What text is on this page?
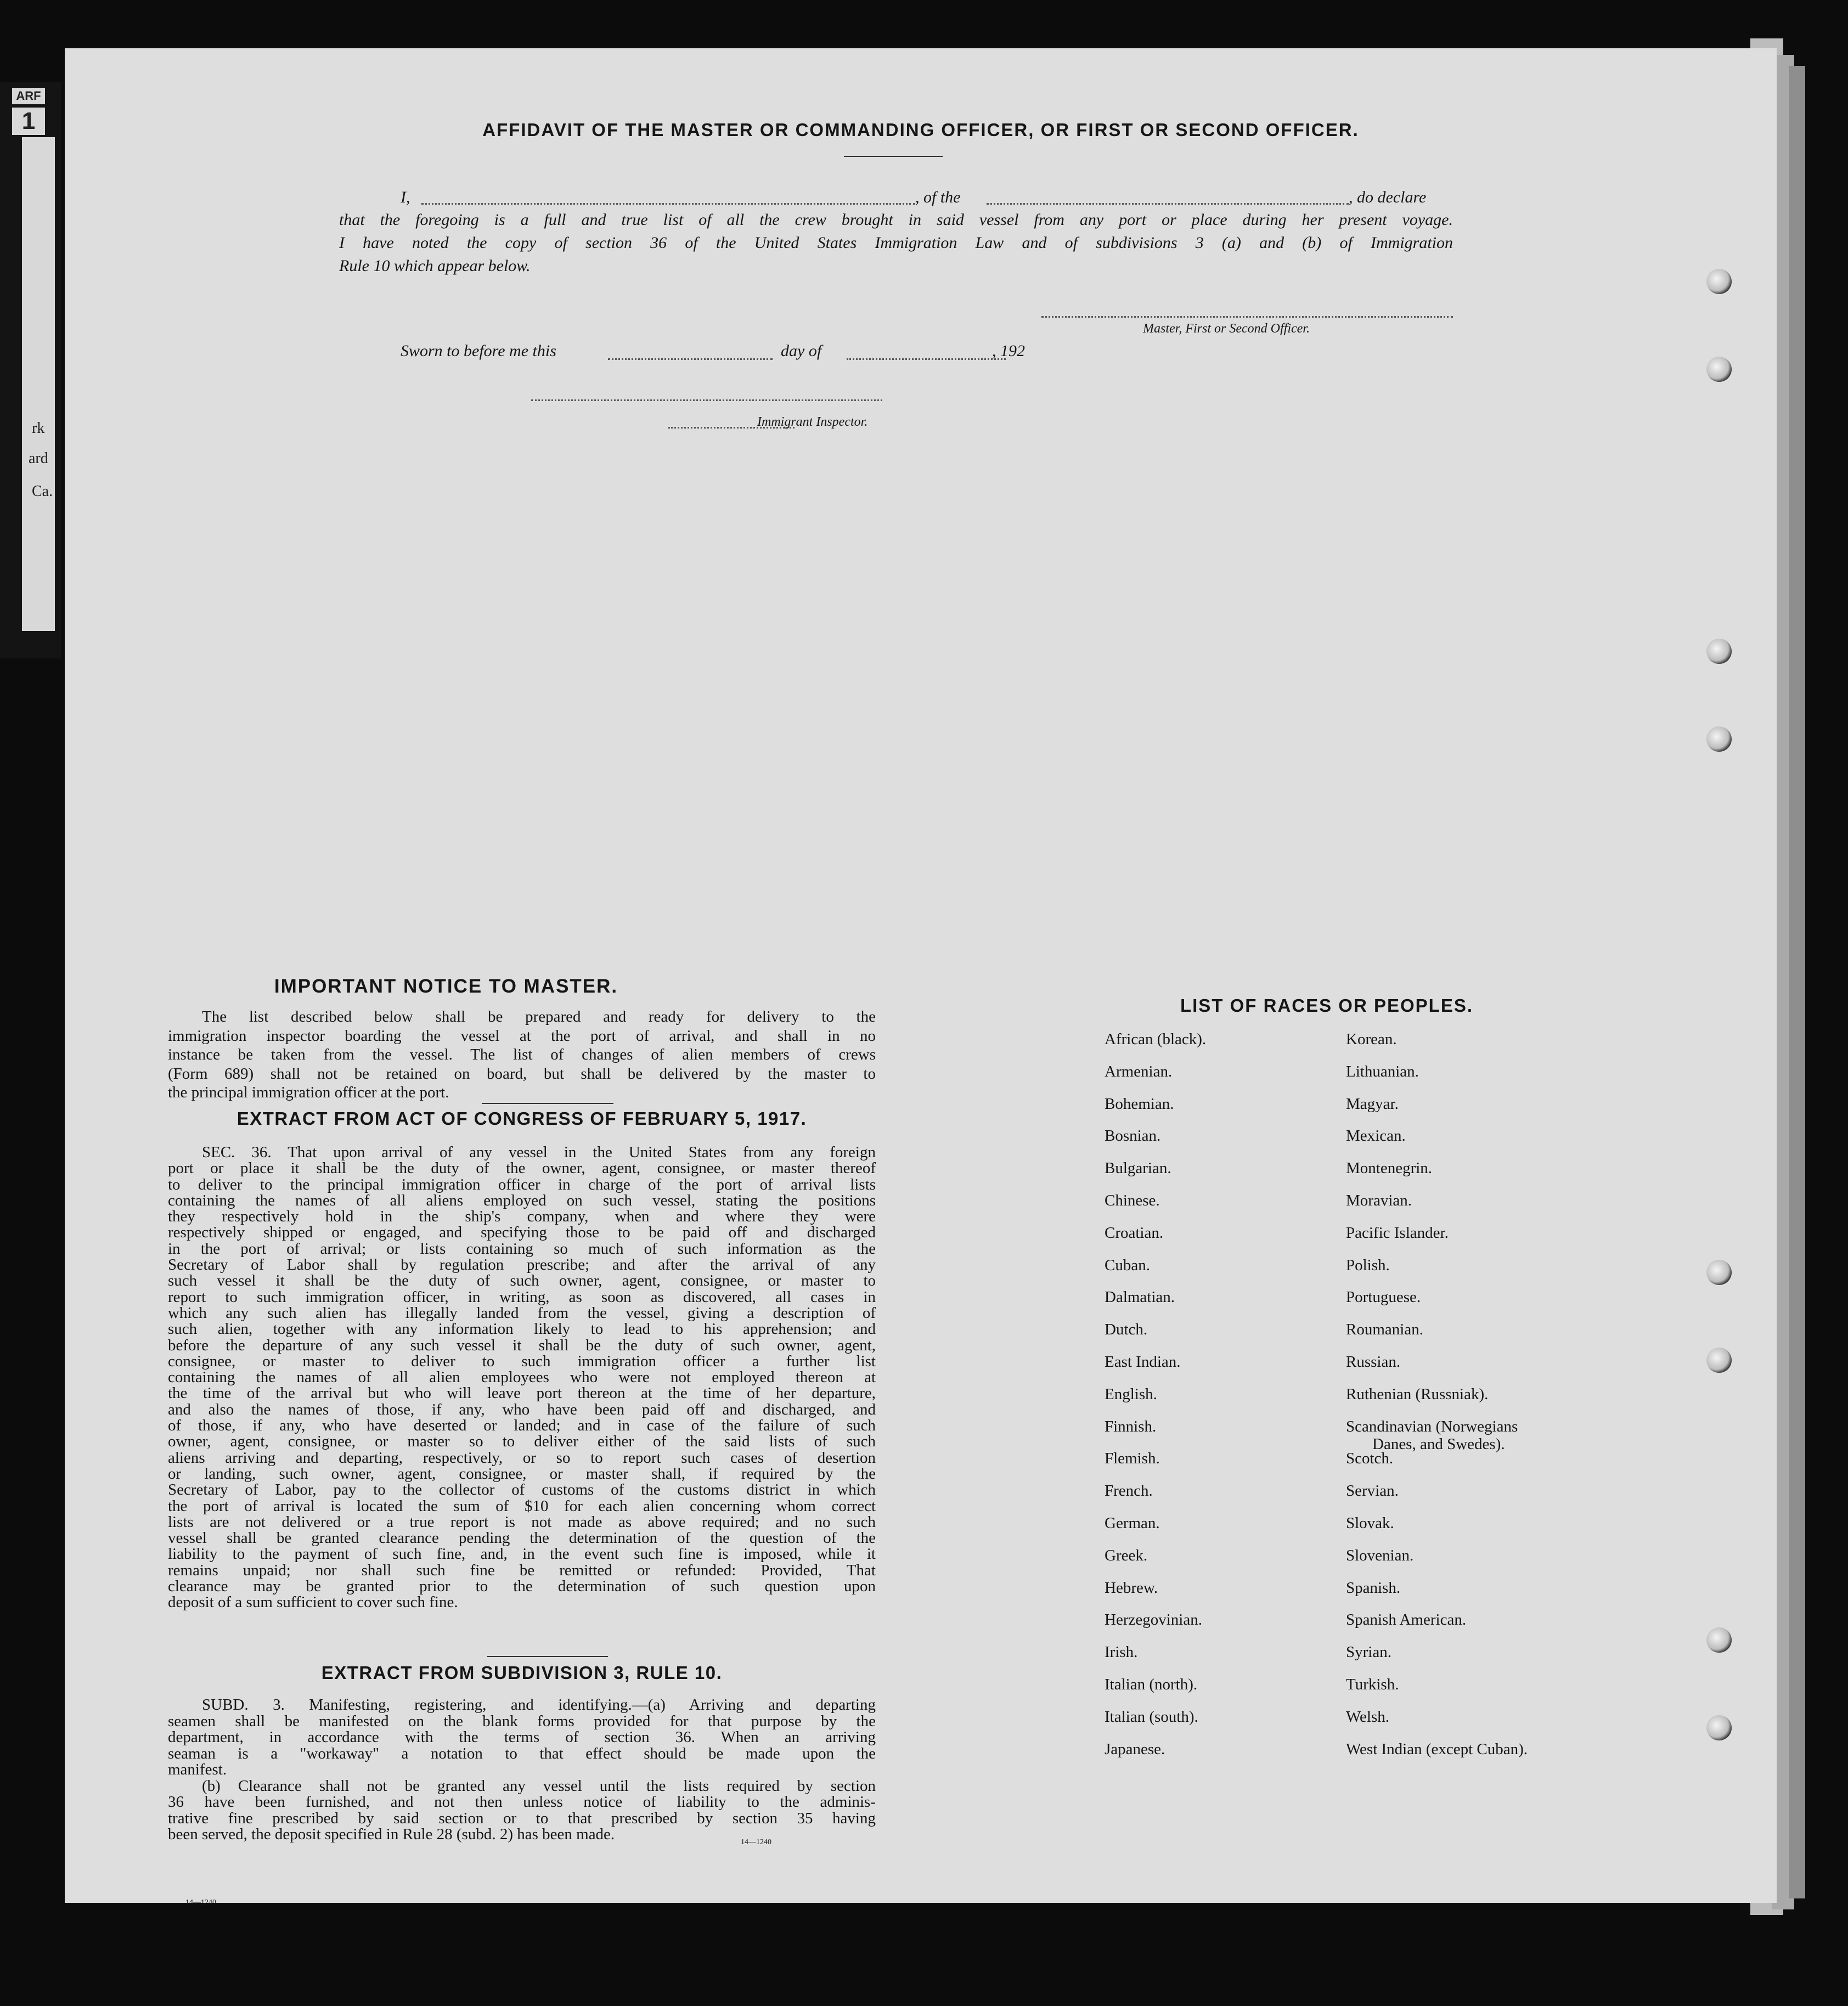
AFFIDAVIT OF THE MASTER OR COMMANDING OFFICER, OR FIRST OR SECOND OFFICER.
I,	, of the	, do declare
that the foregoing is a full and true list of all the crew brought in said vessel from any port or place during her present voyage.
I have noted the copy of section 36 of the United States Immigration Law and of subdivisions 3 (a) and (b) of Immigration
Rule 10 which appear below.
Master, First or Second Officer.
Sworn to before me this	day of	, 192
Immigrant Inspector.
IMPORTANT NOTICE TO MASTER.
The list described below shall be prepared and ready for delivery to the
immigration inspector boarding the vessel at the port of arrival, and shall in no
instance be taken from the vessel. The list of changes of alien members of crews
(Form 689) shall not be retained on board, but shall be delivered by the master to
the principal immigration officer at the port.
EXTRACT FROM ACT OF CONGRESS OF FEBRUARY 5, 1917.
SEC. 36. That upon arrival of any vessel in the United States from any foreign
port or place it shall be the duty of the owner, agent, consignee, or master thereof
to deliver to the principal immigration officer in charge of the port of arrival lists
containing the names of all aliens employed on such vessel, stating the positions
they respectively hold in the ship's company, when and where they were
respectively shipped or engaged, and specifying those to be paid off and discharged
in the port of arrival; or lists containing so much of such information as the
Secretary of Labor shall by regulation prescribe; and after the arrival of any
such vessel it shall be the duty of such owner, agent, consignee, or master to
report to such immigration officer, in writing, as soon as discovered, all cases in
which any such alien has illegally landed from the vessel, giving a description of
such alien, together with any information likely to lead to his apprehension; and
before the departure of any such vessel it shall be the duty of such owner, agent,
consignee, or master to deliver to such immigration officer a further list
containing the names of all alien employees who were not employed thereon at
the time of the arrival but who will leave port thereon at the time of her departure,
and also the names of those, if any, who have been paid off and discharged, and
of those, if any, who have deserted or landed; and in case of the failure of such
owner, agent, consignee, or master so to deliver either of the said lists of such
aliens arriving and departing, respectively, or so to report such cases of desertion
or landing, such owner, agent, consignee, or master shall, if required by the
Secretary of Labor, pay to the collector of customs of the customs district in which
the port of arrival is located the sum of $10 for each alien concerning whom correct
lists are not delivered or a true report is not made as above required; and no such
vessel shall be granted clearance pending the determination of the question of the
liability to the payment of such fine, and, in the event such fine is imposed, while it
remains unpaid; nor shall such fine be remitted or refunded: Provided, That
clearance may be granted prior to the determination of such question upon
deposit of a sum sufficient to cover such fine.
EXTRACT FROM SUBDIVISION 3, RULE 10.
SUBD. 3. Manifesting, registering, and identifying.—(a) Arriving and departing
seamen shall be manifested on the blank forms provided for that purpose by the
department, in accordance with the terms of section 36. When an arriving
seaman is a "workaway" a notation to that effect should be made upon the
manifest.
(b) Clearance shall not be granted any vessel until the lists required by section
36 have been furnished, and not then unless notice of liability to the adminis-
trative fine prescribed by said section or to that prescribed by section 35 having
been served, the deposit specified in Rule 28 (subd. 2) has been made.	14—1240
LIST OF RACES OR PEOPLES.
African (black).
Armenian.
Bohemian.
Bosnian.
Bulgarian.
Chinese.
Croatian.
Cuban.
Dalmatian.
Dutch.
East Indian.
English.
Finnish.
Flemish.
French.
German.
Greek.
Hebrew.
Herzegovinian.
Irish.
Italian (north).
Italian (south).
Japanese.
Korean.
Lithuanian.
Magyar.
Mexican.
Montenegrin.
Moravian.
Pacific Islander.
Polish.
Portuguese.
Roumanian.
Russian.
Ruthenian (Russniak).
Scandinavian (Norwegians
Scotch.
Servian.
Slovak.
Slovenian.
Spanish.
Spanish American.
Syrian.
Turkish.
Welsh.
West Indian (except Cuban).
Danes, and Swedes).
14—1240
ARF
1
rk
ard
Ca.
